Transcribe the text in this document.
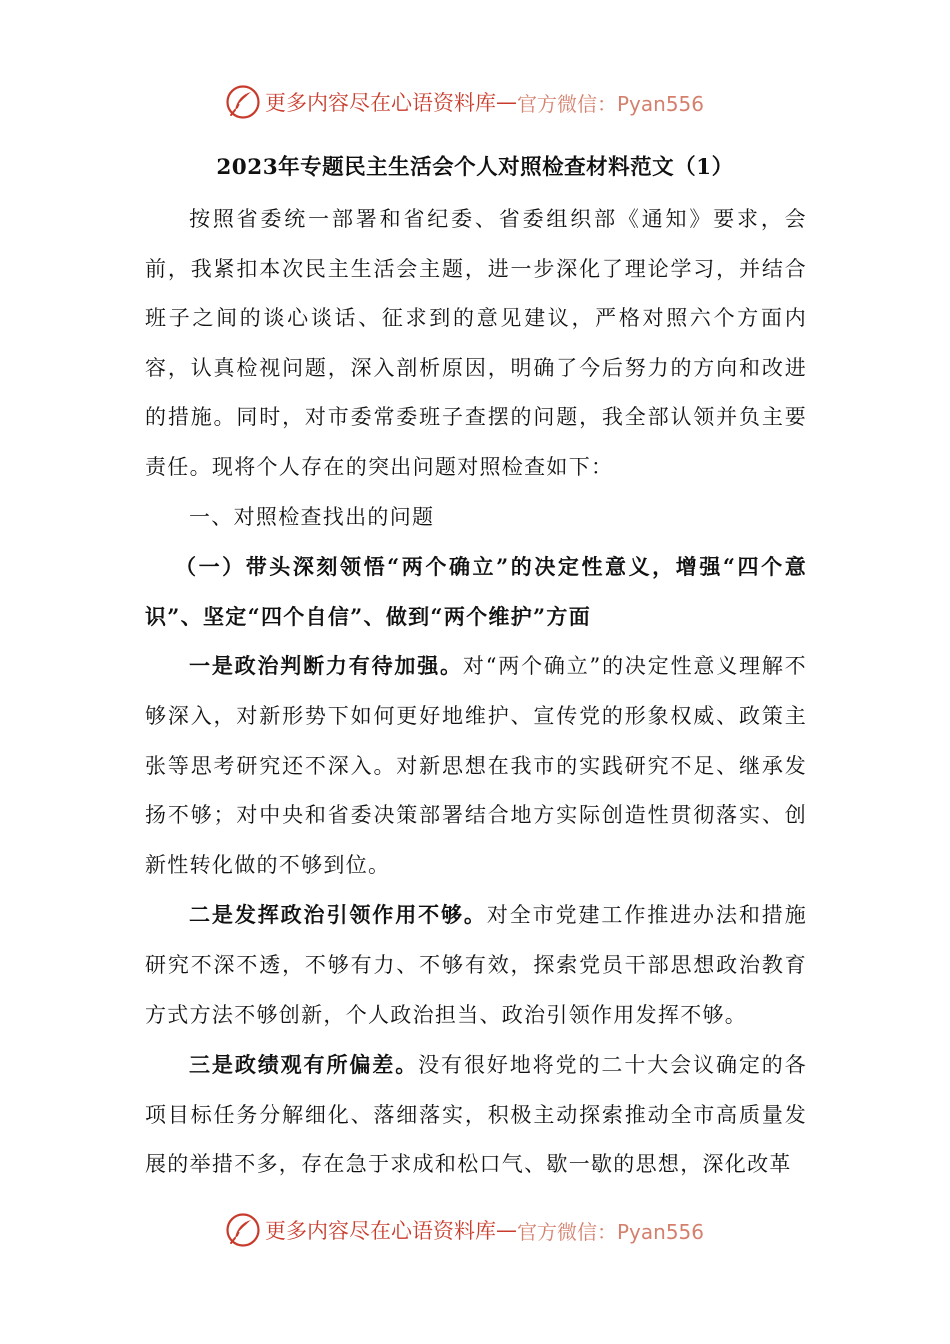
更多内容尽在心语资料库 — 官方微信：Pyan556
2023年专题民主生活会个人对照检查材料范文（1）

按照省委统一部署和省纪委、省委组织部《通知》要求，会前，我紧扣本次民主生活会主题，进一步深化了理论学习，并结合班子之间的谈心谈话、征求到的意见建议，严格对照六个方面内容，认真检视问题，深入剖析原因，明确了今后努力的方向和改进的措施。同时，对市委常委班子查摆的问题，我全部认领并负主要责任。现将个人存在的突出问题对照检查如下：

一、对照检查找出的问题

（一）带头深刻领悟“两个确立”的决定性意义，增强“四个意识”、坚定“四个自信”、做到“两个维护”方面

一是政治判断力有待加强。对“两个确立”的决定性意义理解不够深入，对新形势下如何更好地维护、宣传党的形象权威、政策主张等思考研究还不深入。对新思想在我市的实践研究不足、继承发扬不够；对中央和省委决策部署结合地方实际创造性贯彻落实、创新性转化做的不够到位。

二是发挥政治引领作用不够。对全市党建工作推进办法和措施研究不深不透，不够有力、不够有效，探索党员干部思想政治教育方式方法不够创新，个人政治担当、政治引领作用发挥不够。

三是政绩观有所偏差。没有很好地将党的二十大会议确定的各项目标任务分解细化、落细落实，积极主动探索推动全市高质量发展的举措不多，存在急于求成和松口气、歇一歇的思想，深化改革

更多内容尽在心语资料库 — 官方微信：Pyan556
